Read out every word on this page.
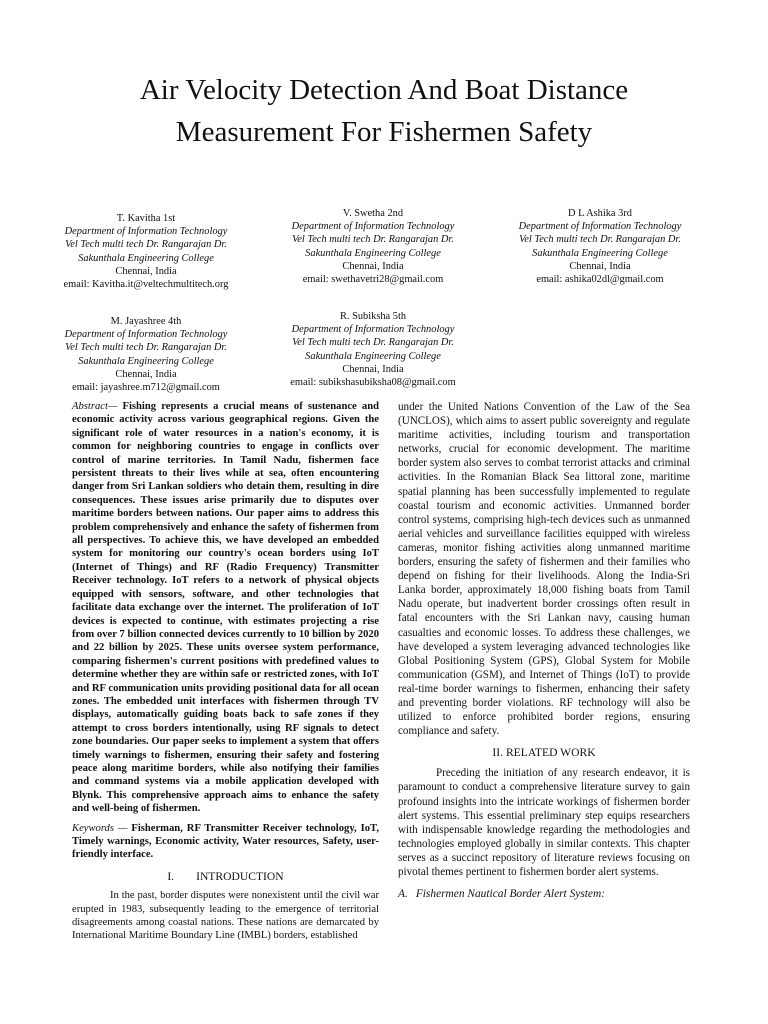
Air Velocity Detection And Boat Distance
Measurement For Fishermen Safety
T. Kavitha 1st
Department of Information Technology
Vel Tech multi tech Dr. Rangarajan Dr.
Sakunthala Engineering College
Chennai, India
email: Kavitha.it@veltechmultitech.org
V. Swetha 2nd
Department of Information Technology
Vel Tech multi tech Dr. Rangarajan Dr.
Sakunthala Engineering College
Chennai, India
email: swethavetri28@gmail.com
D L Ashika 3rd
Department of Information Technology
Vel Tech multi tech Dr. Rangarajan Dr.
Sakunthala Engineering College
Chennai, India
email: ashika02dl@gmail.com
M. Jayashree 4th
Department of Information Technology
Vel Tech multi tech Dr. Rangarajan Dr.
Sakunthala Engineering College
Chennai, India
email: jayashree.m712@gmail.com
R. Subiksha 5th
Department of Information Technology
Vel Tech multi tech Dr. Rangarajan Dr.
Sakunthala Engineering College
Chennai, India
email: subikshasubiksha08@gmail.com

Abstract— Fishing represents a crucial means of sustenance and economic activity across various geographical regions. Given the significant role of water resources in a nation's economy, it is common for neighboring countries to engage in conflicts over control of marine territories. In Tamil Nadu, fishermen face persistent threats to their lives while at sea, often encountering danger from Sri Lankan soldiers who detain them, resulting in dire consequences. These issues arise primarily due to disputes over maritime borders between nations. Our paper aims to address this problem comprehensively and enhance the safety of fishermen from all perspectives. To achieve this, we have developed an embedded system for monitoring our country's ocean borders using IoT (Internet of Things) and RF (Radio Frequency) Transmitter Receiver technology. IoT refers to a network of physical objects equipped with sensors, software, and other technologies that facilitate data exchange over the internet. The proliferation of IoT devices is expected to continue, with estimates projecting a rise from over 7 billion connected devices currently to 10 billion by 2020 and 22 billion by 2025. These units oversee system performance, comparing fishermen's current positions with predefined values to determine whether they are within safe or restricted zones, with IoT and RF communication units providing positional data for all ocean zones. The embedded unit interfaces with fishermen through TV displays, automatically guiding boats back to safe zones if they attempt to cross borders intentionally, using RF signals to detect zone boundaries. Our paper seeks to implement a system that offers timely warnings to fishermen, ensuring their safety and fostering peace along maritime borders, while also notifying their families and command systems via a mobile application developed with Blynk. This comprehensive approach aims to enhance the safety and well-being of fishermen.

Keywords — Fisherman, RF Transmitter Receiver technology, IoT, Timely warnings, Economic activity, Water resources, Safety, user-friendly interface.

I. INTRODUCTION

In the past, border disputes were nonexistent until the civil war erupted in 1983, subsequently leading to the emergence of territorial disagreements among coastal nations. These nations are demarcated by International Maritime Boundary Line (IMBL) borders, established

under the United Nations Convention of the Law of the Sea (UNCLOS), which aims to assert public sovereignty and regulate maritime activities, including tourism and transportation networks, crucial for economic development. The maritime border system also serves to combat terrorist attacks and criminal activities. In the Romanian Black Sea littoral zone, maritime spatial planning has been successfully implemented to regulate coastal tourism and economic activities. Unmanned border control systems, comprising high-tech devices such as unmanned aerial vehicles and surveillance facilities equipped with wireless cameras, monitor fishing activities along unmanned maritime borders, ensuring the safety of fishermen and their families who depend on fishing for their livelihoods. Along the India-Sri Lanka border, approximately 18,000 fishing boats from Tamil Nadu operate, but inadvertent border crossings often result in fatal encounters with the Sri Lankan navy, causing human casualties and economic losses. To address these challenges, we have developed a system leveraging advanced technologies like Global Positioning System (GPS), Global System for Mobile communication (GSM), and Internet of Things (IoT) to provide real-time border warnings to fishermen, enhancing their safety and preventing border violations. RF technology will also be utilized to enforce prohibited border regions, ensuring compliance and safety.

II. RELATED WORK

Preceding the initiation of any research endeavor, it is paramount to conduct a comprehensive literature survey to gain profound insights into the intricate workings of fishermen border alert systems. This essential preliminary step equips researchers with indispensable knowledge regarding the methodologies and technologies employed globally in similar contexts. This chapter serves as a succinct repository of literature reviews focusing on pivotal themes pertinent to fishermen border alert systems.

A. Fishermen Nautical Border Alert System:
